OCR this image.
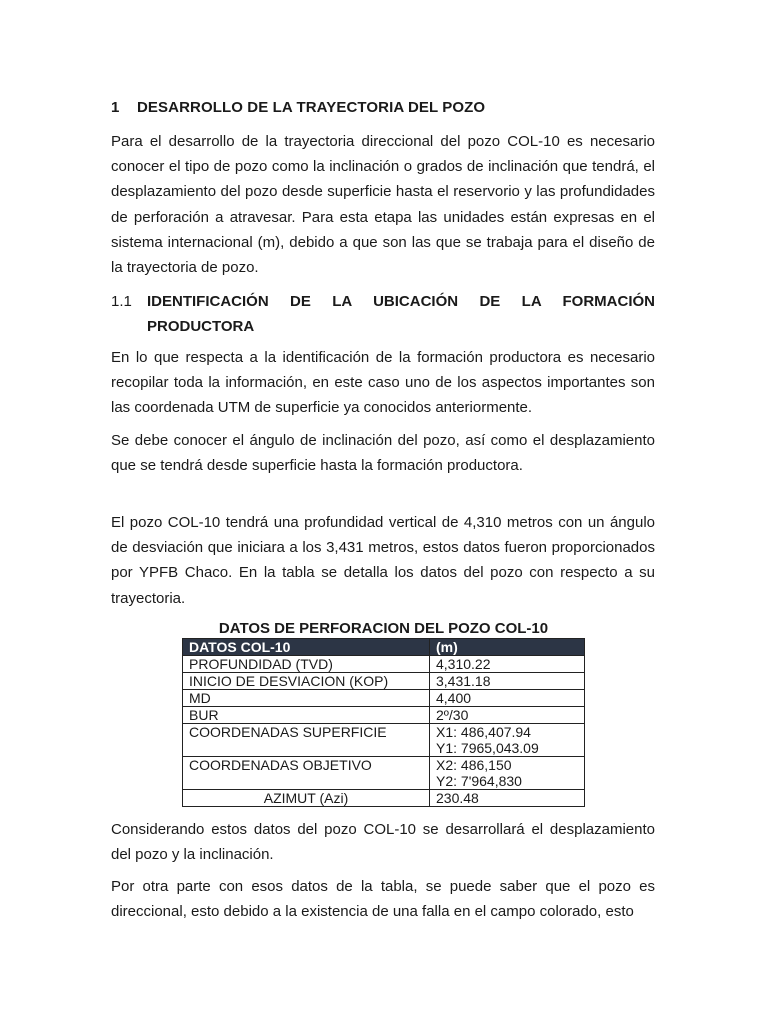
1 DESARROLLO DE LA TRAYECTORIA DEL POZO
Para el desarrollo de la trayectoria direccional del pozo COL-10 es necesario conocer el tipo de pozo como la inclinación o grados de inclinación que tendrá, el desplazamiento del pozo desde superficie hasta el reservorio y las profundidades de perforación a atravesar. Para esta etapa las unidades están expresas en el sistema internacional (m), debido a que son las que se trabaja para el diseño de la trayectoria de pozo.
1.1 IDENTIFICACIÓN DE LA UBICACIÓN DE LA FORMACIÓN PRODUCTORA
En lo que respecta a la identificación de la formación productora es necesario recopilar toda la información, en este caso uno de los aspectos importantes son las coordenada UTM de superficie ya conocidos anteriormente.
Se debe conocer el ángulo de inclinación del pozo, así como el desplazamiento que se tendrá desde superficie hasta la formación productora.
El pozo COL-10 tendrá una profundidad vertical de 4,310 metros con un ángulo de desviación que iniciara a los 3,431 metros, estos datos fueron proporcionados por YPFB Chaco. En la tabla se detalla los datos del pozo con respecto a su trayectoria.
DATOS DE PERFORACION DEL POZO COL-10
DATOS COL-10	(m)
PROFUNDIDAD (TVD)	4,310.22
INICIO DE DESVIACION (KOP)	3,431.18
MD	4,400
BUR	2º/30
COORDENADAS SUPERFICIE	X1: 486,407.94
Y1: 7965,043.09

COORDENADAS OBJETIVO	X2: 486,150
Y2: 7'964,830

AZIMUT (Azi)	230.48
Considerando estos datos del pozo COL-10 se desarrollará el desplazamiento del pozo y la inclinación.
Por otra parte con esos datos de la tabla, se puede saber que el pozo es direccional, esto debido a la existencia de una falla en el campo colorado, esto
